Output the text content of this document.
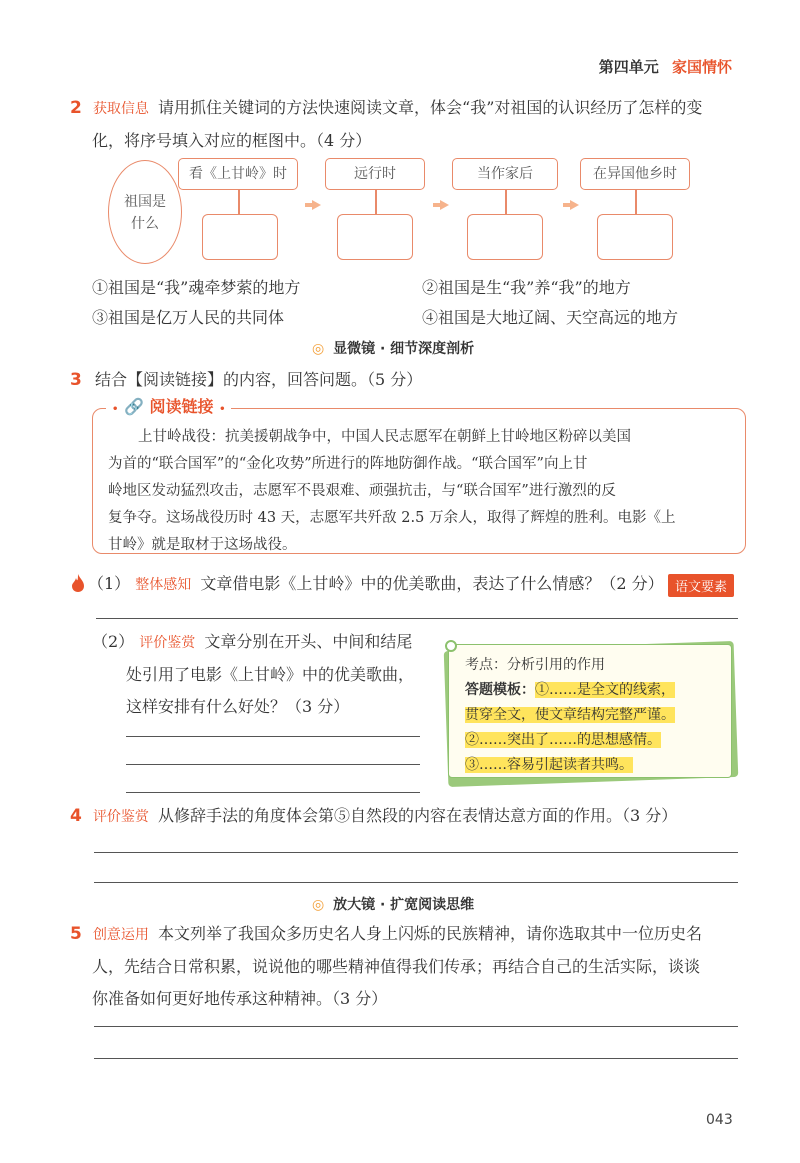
第四单元 家国情怀
2 获取信息 请用抓住关键词的方法快速阅读文章，体会“我”对祖国的认识经历了怎样的变
化，将序号填入对应的框图中。（4 分）
祖国是
什么
看《上甘岭》时	远行时	当作家后	在异国他乡时
①祖国是“我”魂牵梦萦的地方	②祖国是生“我”养“我”的地方
③祖国是亿万人民的共同体	④祖国是大地辽阔、天空高远的地方
◎ 显微镜 · 细节深度剖析
3 结合【阅读链接】的内容，回答问题。（5 分）
• 🔗 阅读链接 •
上甘岭战役：抗美援朝战争中，中国人民志愿军在朝鲜上甘岭地区粉碎以美国
为首的“联合国军”的“金化攻势”所进行的阵地防御作战。“联合国军”向上甘
岭地区发动猛烈攻击，志愿军不畏艰难、顽强抗击，与“联合国军”进行激烈的反
复争夺。这场战役历时 43 天，志愿军共歼敌 2.5 万余人，取得了辉煌的胜利。电影《上
甘岭》就是取材于这场战役。
（1） 整体感知 文章借电影《上甘岭》中的优美歌曲，表达了什么情感？（2 分） 语文要素
（2） 评价鉴赏 文章分别在开头、中间和结尾
处引用了电影《上甘岭》中的优美歌曲，
这样安排有什么好处？（3 分）
考点：分析引用的作用
答题模板：①……是全文的线索，
贯穿全文，使文章结构完整严谨。
②……突出了……的思想感情。
③……容易引起读者共鸣。
4 评价鉴赏 从修辞手法的角度体会第⑤自然段的内容在表情达意方面的作用。（3 分）
◎ 放大镜 · 扩宽阅读思维
5 创意运用 本文列举了我国众多历史名人身上闪烁的民族精神，请你选取其中一位历史名
人，先结合日常积累，说说他的哪些精神值得我们传承；再结合自己的生活实际，谈谈
你准备如何更好地传承这种精神。（3 分）
043
